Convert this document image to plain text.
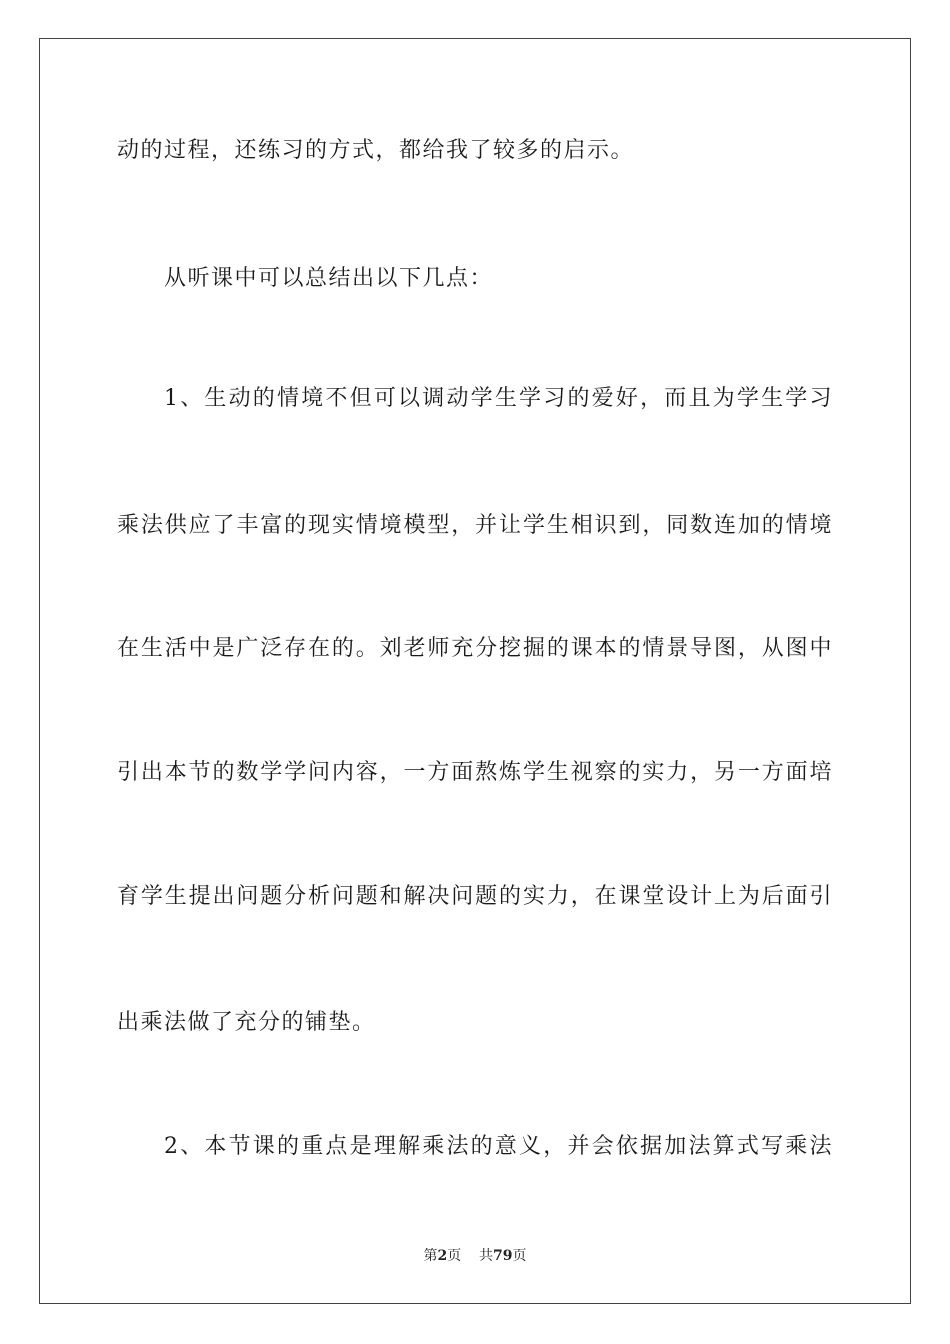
动的过程，还练习的方式，都给我了较多的启示。
从听课中可以总结出以下几点：
1、生动的情境不但可以调动学生学习的爱好，而且为学生学习
乘法供应了丰富的现实情境模型，并让学生相识到，同数连加的情境
在生活中是广泛存在的。刘老师充分挖掘的课本的情景导图，从图中
引出本节的数学学问内容，一方面熬炼学生视察的实力，另一方面培
育学生提出问题分析问题和解决问题的实力，在课堂设计上为后面引
出乘法做了充分的铺垫。
2、本节课的重点是理解乘法的意义，并会依据加法算式写乘法
第2页 共79页
